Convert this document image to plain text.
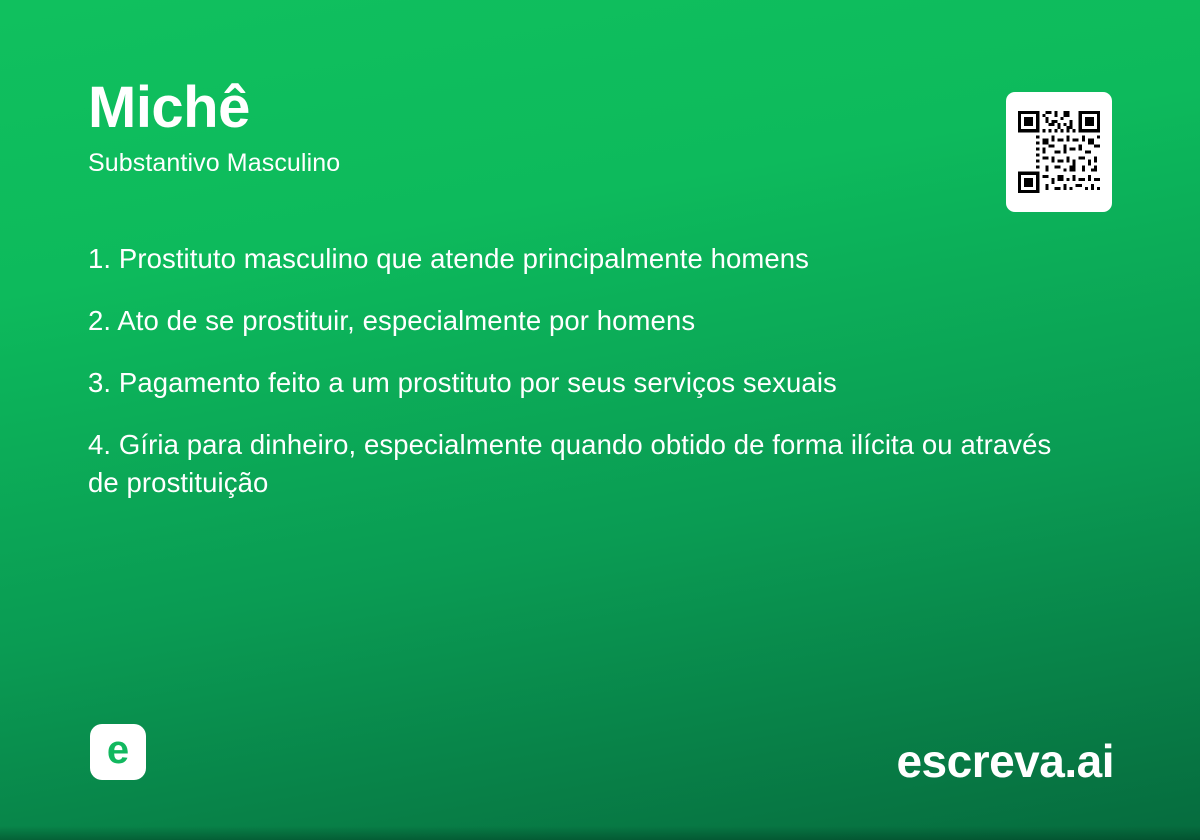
Michê

Substantivo Masculino

1. Prostituto masculino que atende principalmente homens
2. Ato de se prostituir, especialmente por homens
3. Pagamento feito a um prostituto por seus serviços sexuais
4. Gíria para dinheiro, especialmente quando obtido de forma ilícita ou através de prostituição
e	escreva.ai
